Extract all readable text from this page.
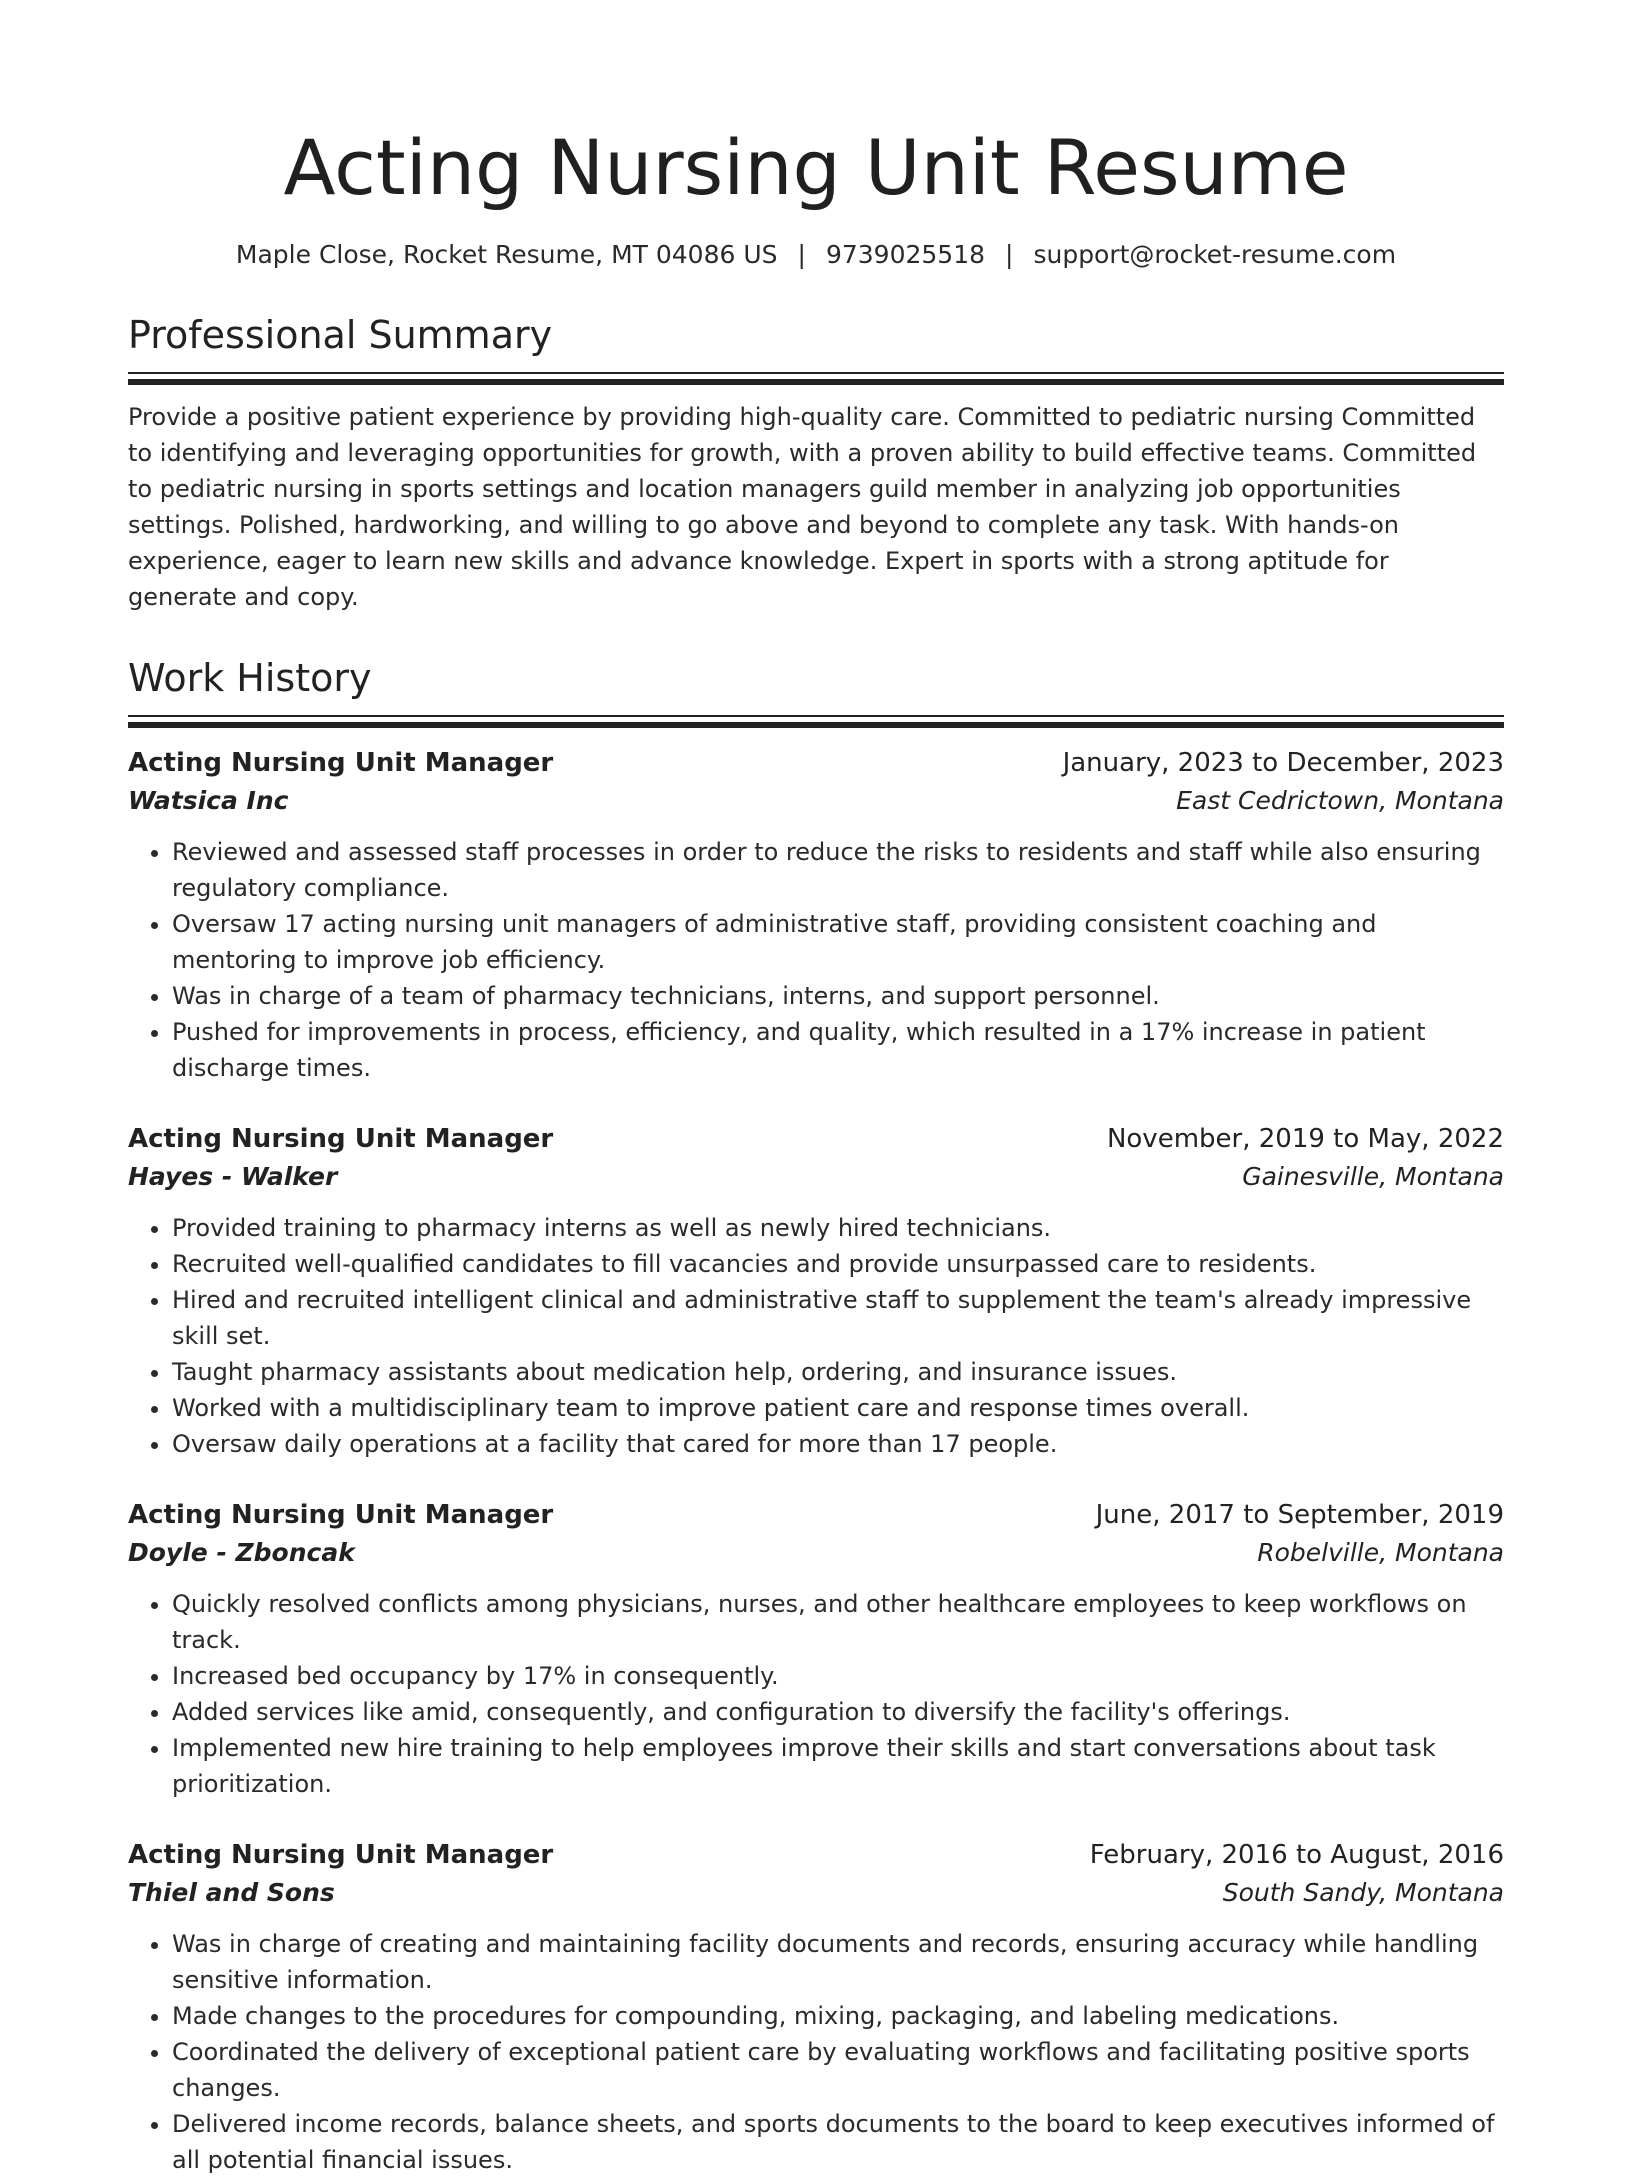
Acting Nursing Unit Resume
Maple Close, Rocket Resume, MT 04086 US | 9739025518 | support@rocket-resume.com
Professional Summary
Provide a positive patient experience by providing high-quality care. Committed to pediatric nursing Committed to identifying and leveraging opportunities for growth, with a proven ability to build effective teams. Committed to pediatric nursing in sports settings and location managers guild member in analyzing job opportunities settings. Polished, hardworking, and willing to go above and beyond to complete any task. With hands-on experience, eager to learn new skills and advance knowledge. Expert in sports with a strong aptitude for generate and copy.
Work History
Acting Nursing Unit Manager	January, 2023 to December, 2023
Watsica Inc	East Cedrictown, Montana
• Reviewed and assessed staff processes in order to reduce the risks to residents and staff while also ensuring regulatory compliance.
• Oversaw 17 acting nursing unit managers of administrative staff, providing consistent coaching and mentoring to improve job efficiency.
• Was in charge of a team of pharmacy technicians, interns, and support personnel.
• Pushed for improvements in process, efficiency, and quality, which resulted in a 17% increase in patient discharge times.
Acting Nursing Unit Manager	November, 2019 to May, 2022
Hayes - Walker	Gainesville, Montana
• Provided training to pharmacy interns as well as newly hired technicians.
• Recruited well-qualified candidates to fill vacancies and provide unsurpassed care to residents.
• Hired and recruited intelligent clinical and administrative staff to supplement the team's already impressive skill set.
• Taught pharmacy assistants about medication help, ordering, and insurance issues.
• Worked with a multidisciplinary team to improve patient care and response times overall.
• Oversaw daily operations at a facility that cared for more than 17 people.
Acting Nursing Unit Manager	June, 2017 to September, 2019
Doyle - Zboncak	Robelville, Montana
• Quickly resolved conflicts among physicians, nurses, and other healthcare employees to keep workflows on track.
• Increased bed occupancy by 17% in consequently.
• Added services like amid, consequently, and configuration to diversify the facility's offerings.
• Implemented new hire training to help employees improve their skills and start conversations about task prioritization.
Acting Nursing Unit Manager	February, 2016 to August, 2016
Thiel and Sons	South Sandy, Montana
• Was in charge of creating and maintaining facility documents and records, ensuring accuracy while handling sensitive information.
• Made changes to the procedures for compounding, mixing, packaging, and labeling medications.
• Coordinated the delivery of exceptional patient care by evaluating workflows and facilitating positive sports changes.
• Delivered income records, balance sheets, and sports documents to the board to keep executives informed of all potential financial issues.
